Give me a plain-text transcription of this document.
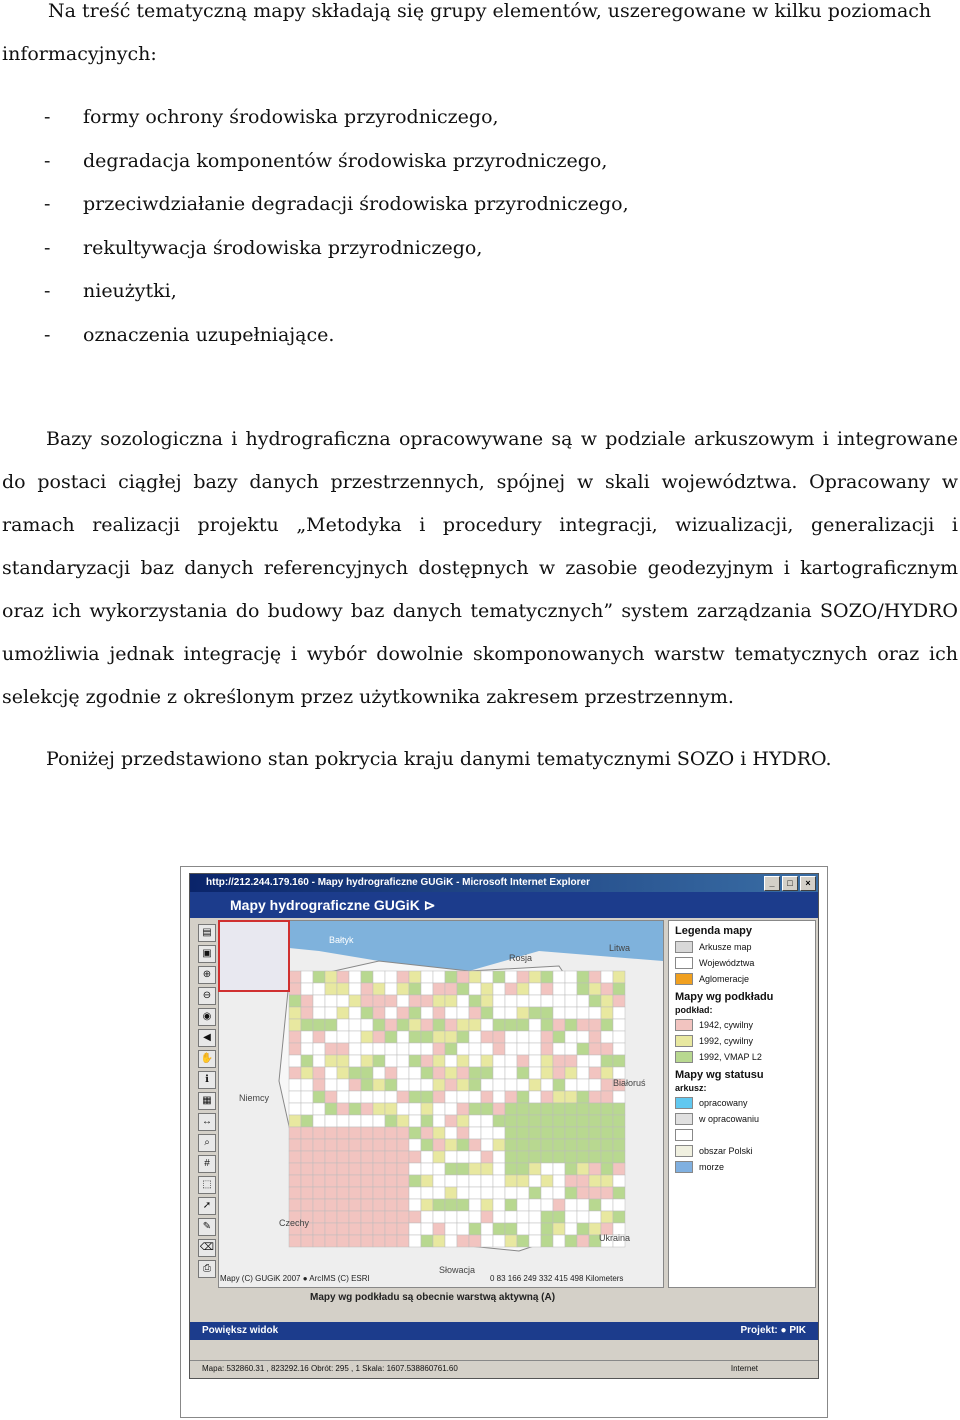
Na treść tematyczną mapy składają się grupy elementów, uszeregowane w kilku poziomach
informacyjnych:
- formy ochrony środowiska przyrodniczego,
- degradacja komponentów środowiska przyrodniczego,
- przeciwdziałanie degradacji środowiska przyrodniczego,
- rekultywacja środowiska przyrodniczego,
- nieużytki,
- oznaczenia uzupełniające.

Bazy sozologiczna i hydrograficzna opracowywane są w podziale arkuszowym i integrowane do postaci ciągłej bazy danych przestrzennych, spójnej w skali województwa. Opracowany w ramach realizacji projektu „Metodyka i procedury integracji, wizualizacji, generalizacji i standaryzacji baz danych referencyjnych dostępnych w zasobie geodezyjnym i kartograficznym oraz ich wykorzystania do budowy baz danych tematycznych” system zarządzania SOZO/HYDRO umożliwia jednak integrację i wybór dowolnie skomponowanych warstw tematycznych oraz ich selekcję zgodnie z określonym przez użytkownika zakresem przestrzennym.

Poniżej przedstawiono stan pokrycia kraju danymi tematycznymi SOZO i HYDRO.
http://212.244.179.160 - Mapy hydrograficzne GUGiK - Microsoft Internet Explorer	_	□	×
Mapy hydrograficzne GUGiK ⊳
▤
▣
⊕
⊖
◉
◀
✋
ℹ
▦
↔
⌕
#
⬚
➚
✎
⌫
⎙
Bałtyk
Rosja
Litwa
Niemcy
Białoruś
Czechy
Ukraina
Słowacja
Mapy (C) GUGiK 2007 ● ArcIMS (C) ESRI	0 83 166 249 332 415 498 Kilometers
Mapy wg podkładu są obecnie warstwą aktywną (A)
Legenda mapy
Arkusze map
Województwa
Aglomeracje
Mapy wg podkładu
podkład:
1942, cywilny
1992, cywilny
1992, VMAP L2
Mapy wg statusu
arkusz:
opracowany
w opracowaniu
obszar Polski
morze
Powiększ widok	Projekt: ● PIK
Mapa: 532860.31 , 823292.16 Obrót: 295 , 1 Skala: 1607.538860761.60	Internet
